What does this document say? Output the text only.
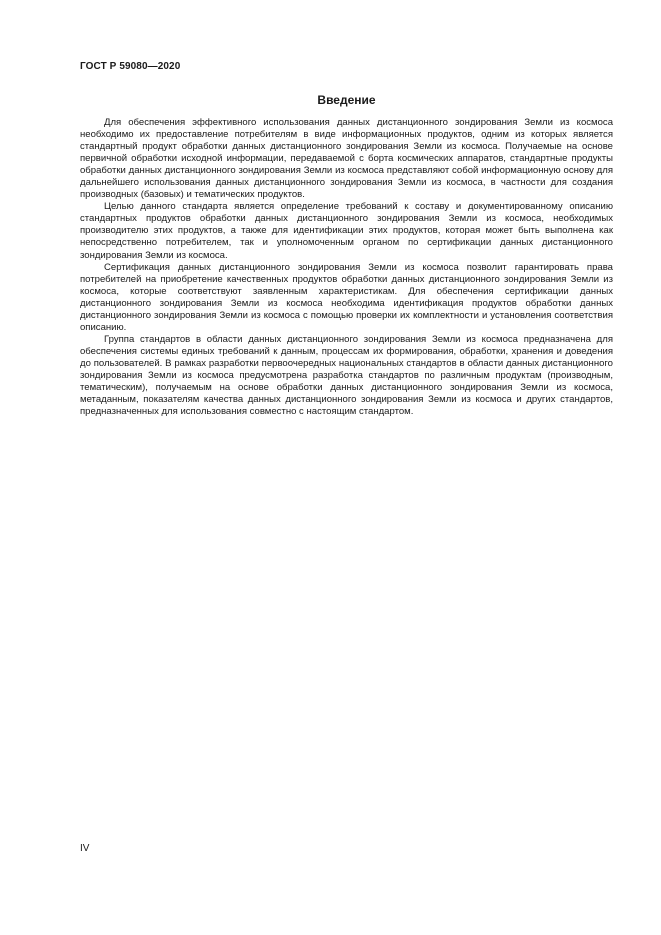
ГОСТ Р 59080—2020
Введение

Для обеспечения эффективного использования данных дистанционного зондирования Земли из космоса необходимо их предоставление потребителям в виде информационных продуктов, одним из которых является стандартный продукт обработки данных дистанционного зондирования Земли из космоса. Получаемые на основе первичной обработки исходной информации, передаваемой с борта космических аппаратов, стандартные продукты обработки данных дистанционного зондирования Земли из космоса представляют собой информационную основу для дальнейшего использования данных дистанционного зондирования Земли из космоса, в частности для создания производных (базовых) и тематических продуктов.

Целью данного стандарта является определение требований к составу и документированному описанию стандартных продуктов обработки данных дистанционного зондирования Земли из космоса, необходимых производителю этих продуктов, а также для идентификации этих продуктов, которая может быть выполнена как непосредственно потребителем, так и уполномоченным органом по сертификации данных дистанционного зондирования Земли из космоса.

Сертификация данных дистанционного зондирования Земли из космоса позволит гарантировать права потребителей на приобретение качественных продуктов обработки данных дистанционного зондирования Земли из космоса, которые соответствуют заявленным характеристикам. Для обеспечения сертификации данных дистанционного зондирования Земли из космоса необходима идентификация продуктов обработки данных дистанционного зондирования Земли из космоса с помощью проверки их комплектности и установления соответствия описанию.

Группа стандартов в области данных дистанционного зондирования Земли из космоса предназначена для обеспечения системы единых требований к данным, процессам их формирования, обработки, хранения и доведения до пользователей. В рамках разработки первоочередных национальных стандартов в области данных дистанционного зондирования Земли из космоса предусмотрена разработка стандартов по различным продуктам (производным, тематическим), получаемым на основе обработки данных дистанционного зондирования Земли из космоса, метаданным, показателям качества данных дистанционного зондирования Земли из космоса и других стандартов, предназначенных для использования совместно с настоящим стандартом.

IV
